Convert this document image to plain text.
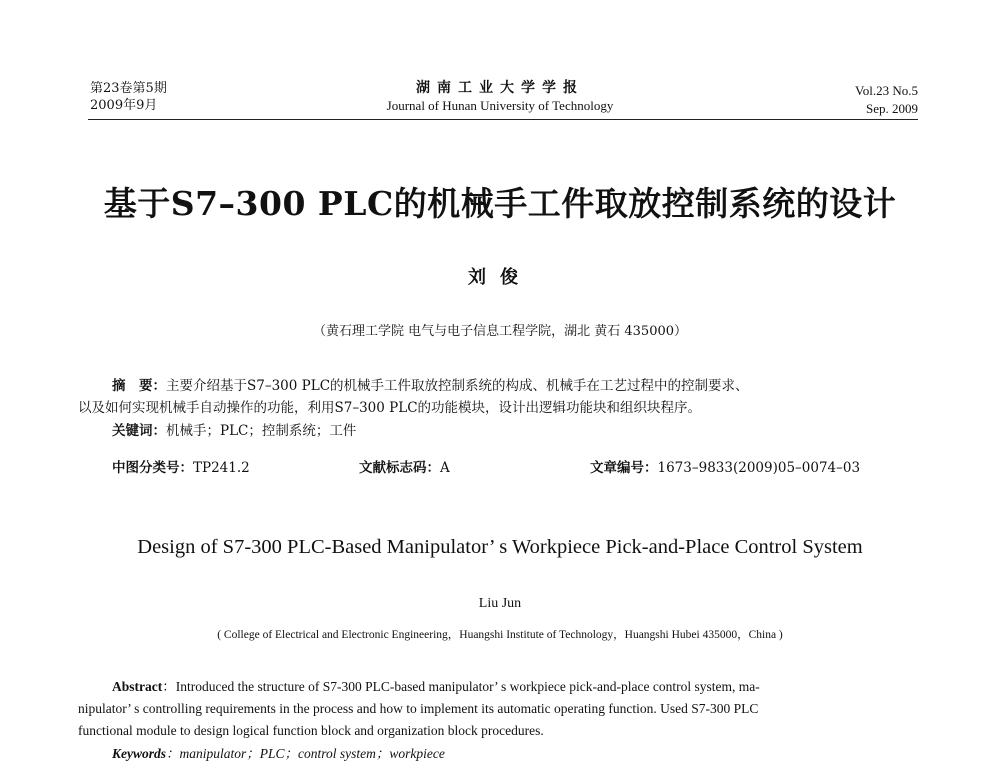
第23卷第5期
2009年9月
湖南工业大学学报
Journal of Hunan University of Technology
Vol.23 No.5
Sep. 2009
基于S7–300 PLC的机械手工件取放控制系统的设计
刘俊
（黄石理工学院 电气与电子信息工程学院，湖北 黄石 435000）
摘　要：主要介绍基于S7–300 PLC的机械手工件取放控制系统的构成、机械手在工艺过程中的控制要求、
以及如何实现机械手自动操作的功能，利用S7–300 PLC的功能模块，设计出逻辑功能块和组织块程序。
关键词：机械手；PLC；控制系统；工件
中图分类号：TP241.2	文献标志码：A	文章编号：1673–9833(2009)05–0074–03
Design of S7-300 PLC-Based Manipulator’ s Workpiece Pick-and-Place Control System
Liu Jun
( College of Electrical and Electronic Engineering，Huangshi Institute of Technology，Huangshi Hubei 435000，China )
Abstract：Introduced the structure of S7-300 PLC-based manipulator’ s workpiece pick-and-place control system, ma-
nipulator’ s controlling requirements in the process and how to implement its automatic operating function. Used S7-300 PLC
functional module to design logical function block and organization block procedures.
Keywords：manipulator；PLC；control system；workpiece
